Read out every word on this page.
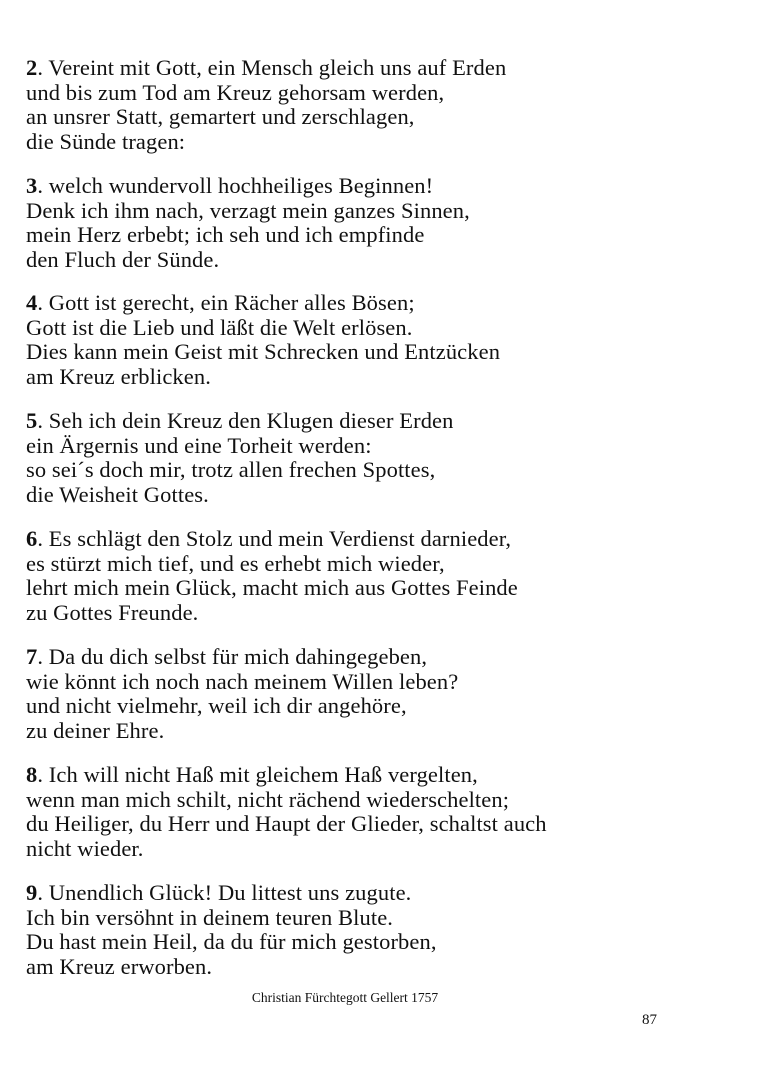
2. Vereint mit Gott, ein Mensch gleich uns auf Erden
und bis zum Tod am Kreuz gehorsam werden,
an unsrer Statt, gemartert und zerschlagen,
die Sünde tragen:
3. welch wundervoll hochheiliges Beginnen!
Denk ich ihm nach, verzagt mein ganzes Sinnen,
mein Herz erbebt; ich seh und ich empfinde
den Fluch der Sünde.
4. Gott ist gerecht, ein Rächer alles Bösen;
Gott ist die Lieb und läßt die Welt erlösen.
Dies kann mein Geist mit Schrecken und Entzücken
am Kreuz erblicken.
5. Seh ich dein Kreuz den Klugen dieser Erden
ein Ärgernis und eine Torheit werden:
so sei´s doch mir, trotz allen frechen Spottes,
die Weisheit Gottes.
6. Es schlägt den Stolz und mein Verdienst darnieder,
es stürzt mich tief, und es erhebt mich wieder,
lehrt mich mein Glück, macht mich aus Gottes Feinde
zu Gottes Freunde.
7. Da du dich selbst für mich dahingegeben,
wie könnt ich noch nach meinem Willen leben?
und nicht vielmehr, weil ich dir angehöre,
zu deiner Ehre.
8. Ich will nicht Haß mit gleichem Haß vergelten,
wenn man mich schilt, nicht rächend wiederschelten;
du Heiliger, du Herr und Haupt der Glieder, schaltst auch
nicht wieder.
9. Unendlich Glück! Du littest uns zugute.
Ich bin versöhnt in deinem teuren Blute.
Du hast mein Heil, da du für mich gestorben,
am Kreuz erworben.
Christian Fürchtegott Gellert 1757
87
